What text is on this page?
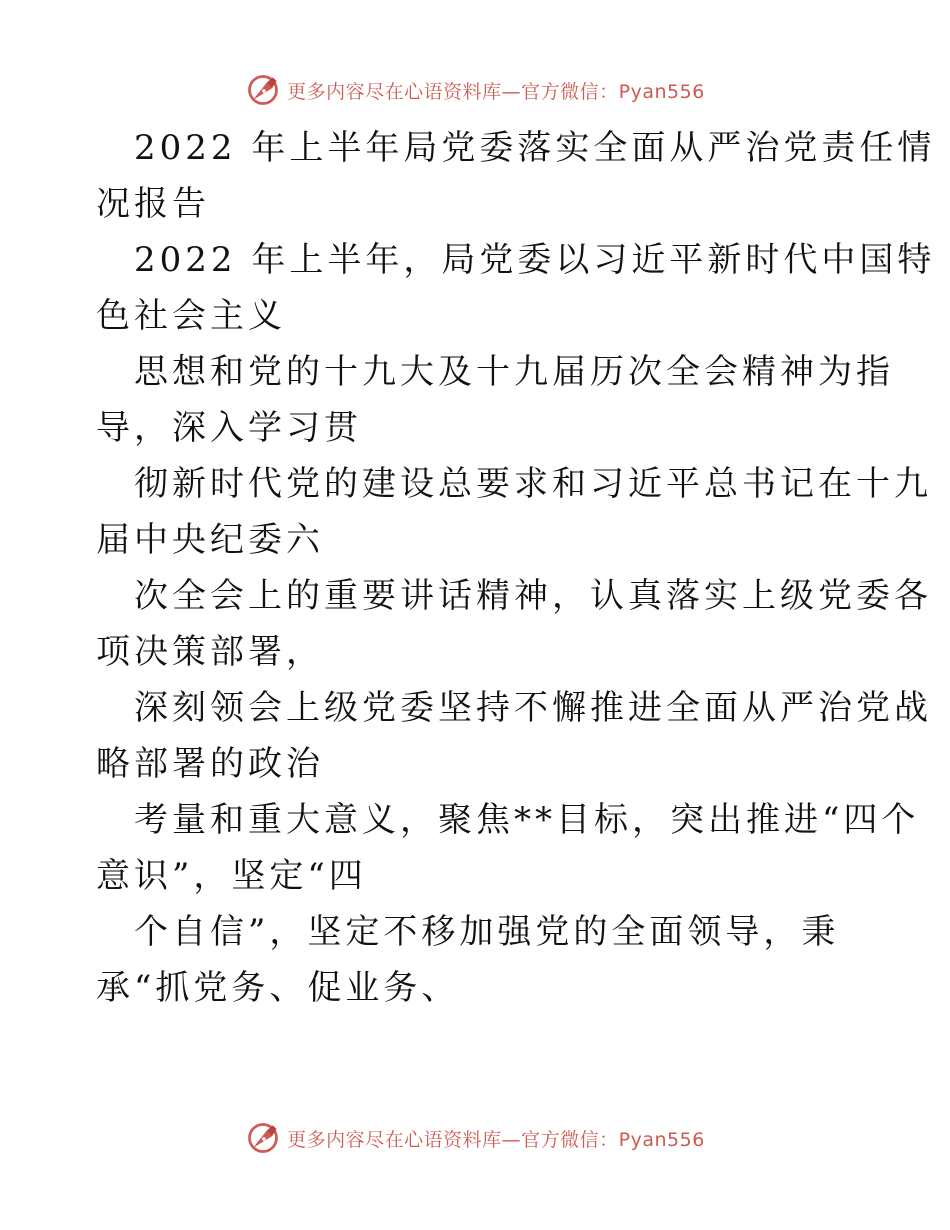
更多内容尽在心语资料库—官方微信：Pyan556
2022 年上半年局党委落实全面从严治党责任情
况报告
2022 年上半年，局党委以习近平新时代中国特
色社会主义
思想和党的十九大及十九届历次全会精神为指
导，深入学习贯
彻新时代党的建设总要求和习近平总书记在十九
届中央纪委六
次全会上的重要讲话精神，认真落实上级党委各
项决策部署，
深刻领会上级党委坚持不懈推进全面从严治党战
略部署的政治
考量和重大意义，聚焦**目标，突出推进“四个
意识”，坚定“四
个自信”，坚定不移加强党的全面领导，秉
承“抓党务、促业务、
更多内容尽在心语资料库—官方微信：Pyan556
